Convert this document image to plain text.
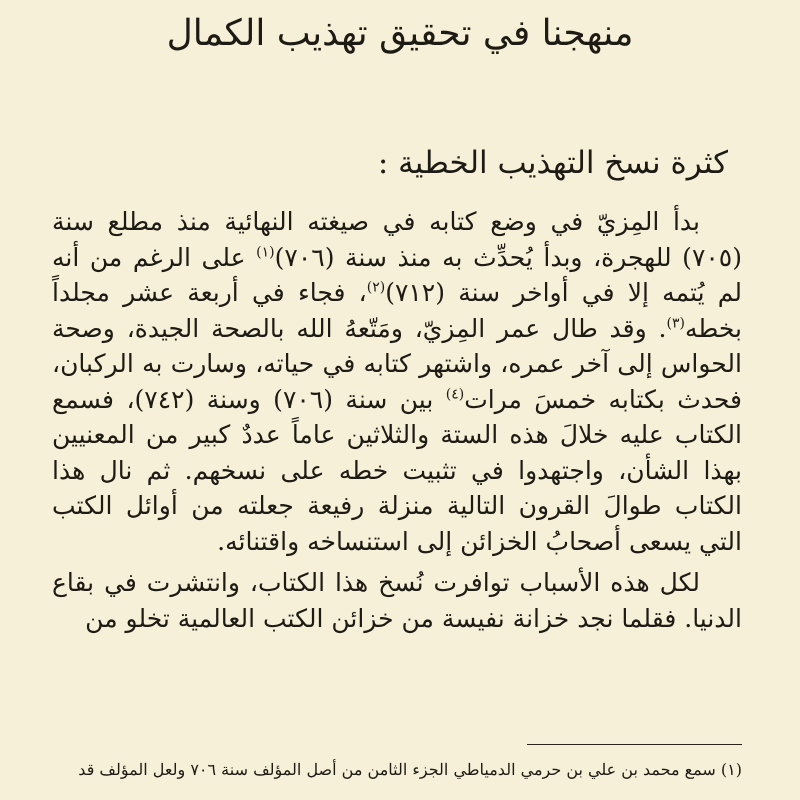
منهجنا في تحقيق تهذيب الكمال
كثرة نسخ التهذيب الخطية :

بدأ المِزيّ في وضع كتابه في صيغته النهائية منذ مطلع سنة (٧٠٥) للهجرة، وبدأ يُحدِّث به منذ سنة (٧٠٦)$^{(١)}$ على الرغم من أنه لم يُتمه إلا في أواخر سنة (٧١٢)$^{(٢)}$، فجاء في أربعة عشر مجلداً بخطه$^{(٣)}$. وقد طال عمر المِزيّ، ومَتّعهُ الله بالصحة الجيدة، وصحة الحواس إلى آخر عمره، واشتهر كتابه في حياته، وسارت به الركبان، فحدث بكتابه خمسَ مرات$^{(٤)}$ بين سنة (٧٠٦) وسنة (٧٤٢)، فسمع الكتاب عليه خلالَ هذه الستة والثلاثين عاماً عددٌ كبير من المعنيين بهذا الشأن، واجتهدوا في تثبيت خطه على نسخهم. ثم نال هذا الكتاب طوالَ القرون التالية منزلة رفيعة جعلته من أوائل الكتب التي يسعى أصحابُ الخزائن إلى استنساخه واقتنائه.

لكل هذه الأسباب توافرت نُسخ هذا الكتاب، وانتشرت في بقاع الدنيا. فقلما نجد خزانة نفيسة من خزائن الكتب العالمية تخلو من

(١) سمع محمد بن علي بن حرمي الدمياطي الجزء الثامن من أصل المؤلف سنة ٧٠٦ ولعل المؤلف قد
